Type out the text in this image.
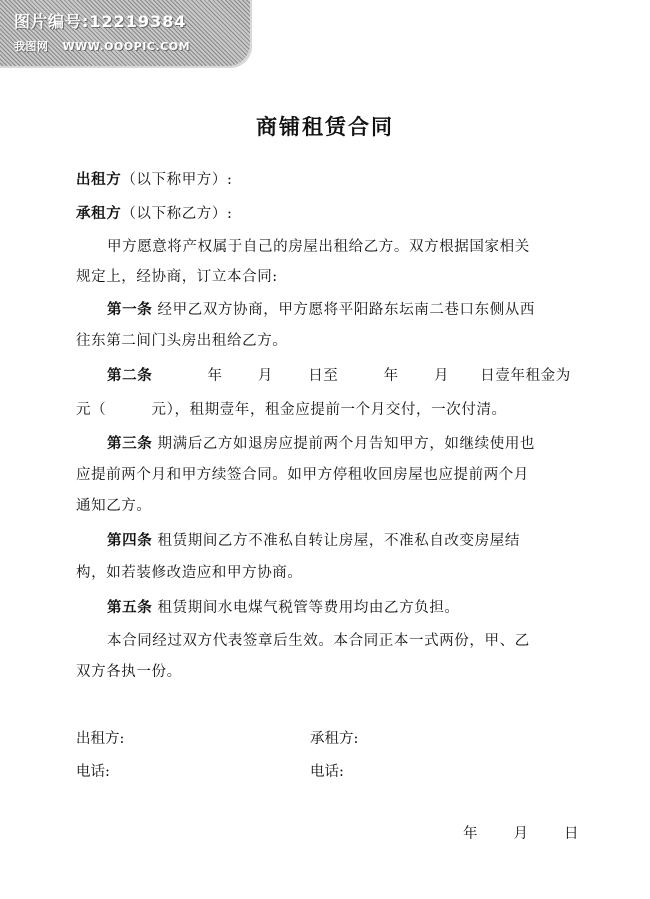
图片编号:12219384
我图网 WWW.OOOPIC.COM
商铺租赁合同
出租方（以下称甲方）:
承租方（以下称乙方）:
甲方愿意将产权属于自己的房屋出租给乙方。双方根据国家相关
规定上，经协商，订立本合同:
第一条 经甲乙双方协商，甲方愿将平阳路东坛南二巷口东侧从西
往东第二间门头房出租给乙方。
第二条	年 月 日至	年 月 日壹年租金为
元（　　　元），租期壹年，租金应提前一个月交付，一次付清。
第三条 期满后乙方如退房应提前两个月告知甲方，如继续使用也
应提前两个月和甲方续签合同。如甲方停租收回房屋也应提前两个月
通知乙方。
第四条 租赁期间乙方不准私自转让房屋，不准私自改变房屋结
构，如若装修改造应和甲方协商。
第五条 租赁期间水电煤气税管等费用均由乙方负担。
本合同经过双方代表签章后生效。本合同正本一式两份，甲、乙
双方各执一份。
出租方:	承租方:
电话:	电话:
年 月 日
